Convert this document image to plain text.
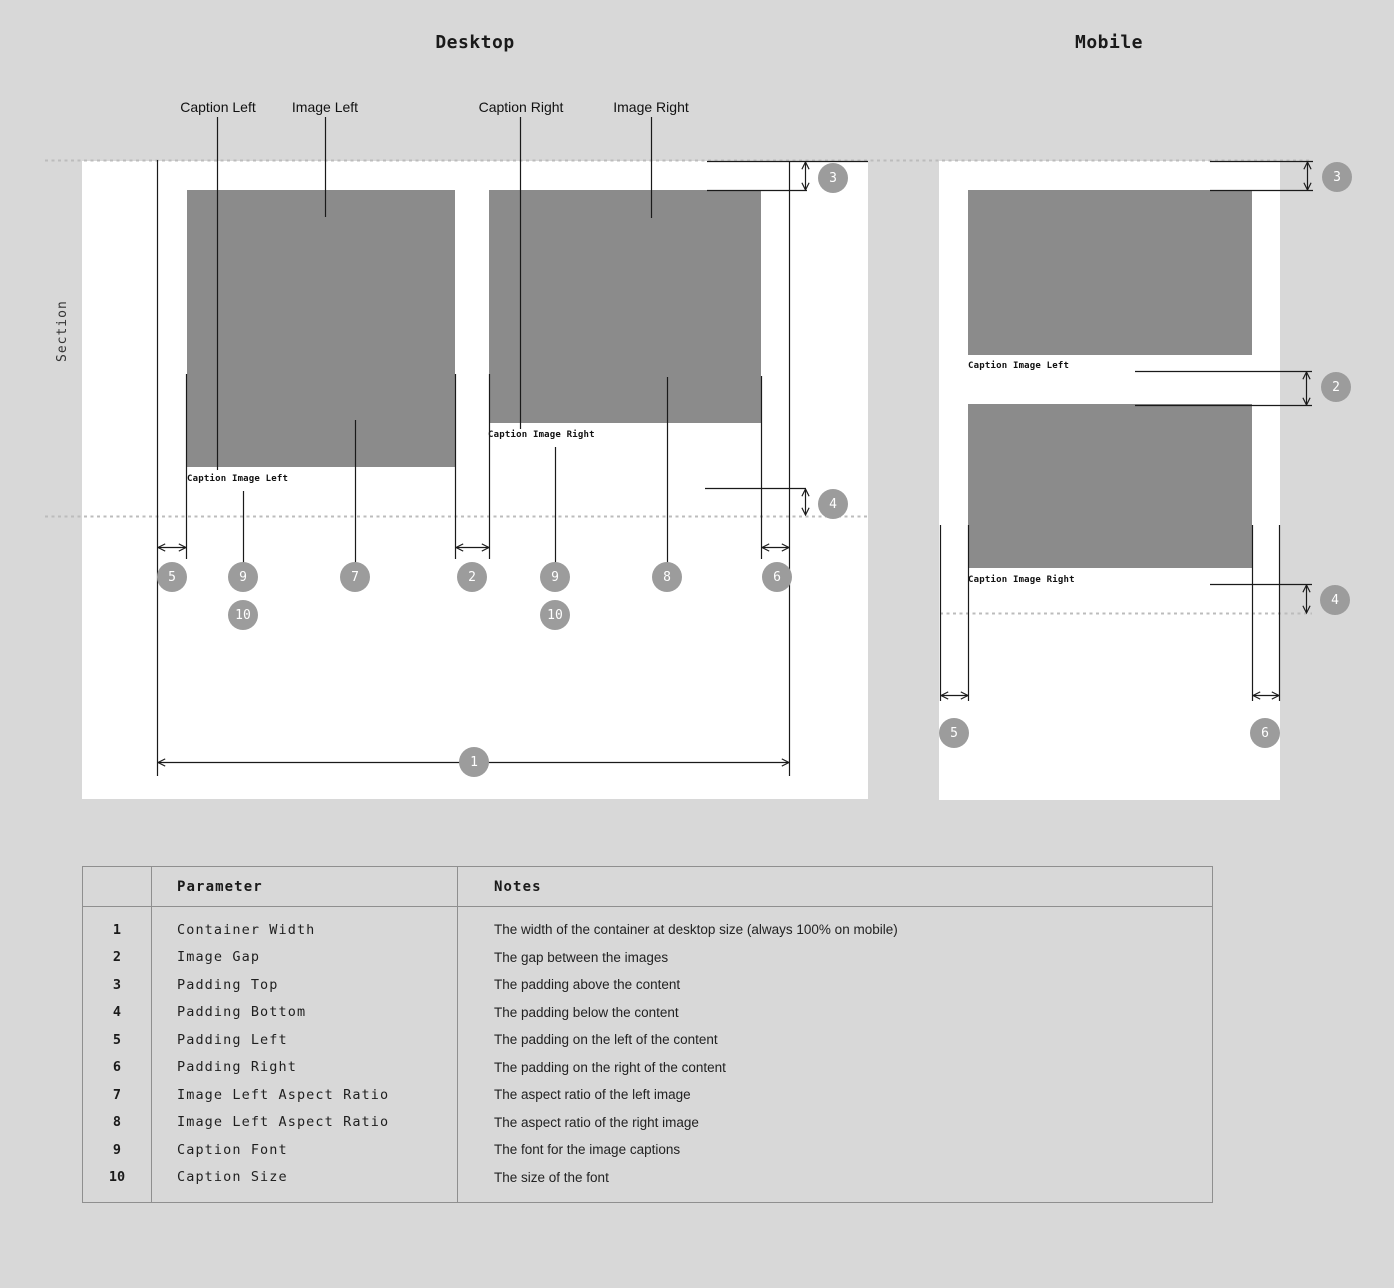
Desktop	Mobile
Caption Left	Image Left	Caption Right	Image Right
Section
Caption Image Left
Caption Image Right
Caption Image Left
Caption Image Right
3
4
5	9
10
7	2	9
10
8	6
1
3
2
4
5	6
Parameter	Notes
1	Container Width	The width of the container at desktop size (always 100% on mobile)
2	Image Gap	The gap between the images
3	Padding Top	The padding above the content
4	Padding Bottom	The padding below the content
5	Padding Left	The padding on the left of the content
6	Padding Right	The padding on the right of the content
7	Image Left Aspect Ratio	The aspect ratio of the left image
8	Image Left Aspect Ratio	The aspect ratio of the right image
9	Caption Font	The font for the image captions
10	Caption Size	The size of the font
